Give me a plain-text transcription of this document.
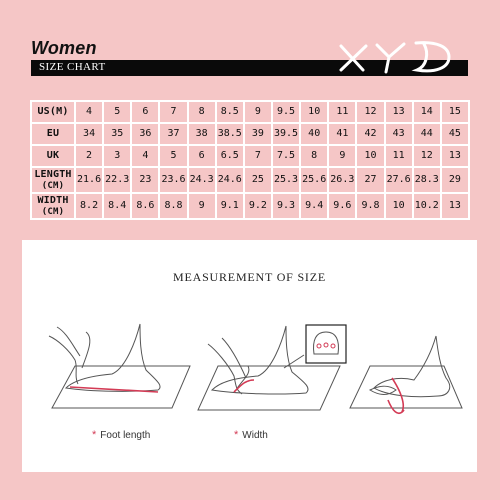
Women
SIZE CHART
US(M)	4	5	6	7	8	8.5	9	9.5	10	11	12	13	14	15
EU	34	35	36	37	38	38.5	39	39.5	40	41	42	43	44	45
UK	2	3	4	5	6	6.5	7	7.5	8	9	10	11	12	13
LENGTH
(CM)	21.6	22.3	23	23.6	24.3	24.6	25	25.3	25.6	26.3	27	27.6	28.3	29
WIDTH
(CM)	8.2	8.4	8.6	8.8	9	9.1	9.2	9.3	9.4	9.6	9.8	10	10.2	13
MEASUREMENT OF SIZE
* Foot length	* Width
